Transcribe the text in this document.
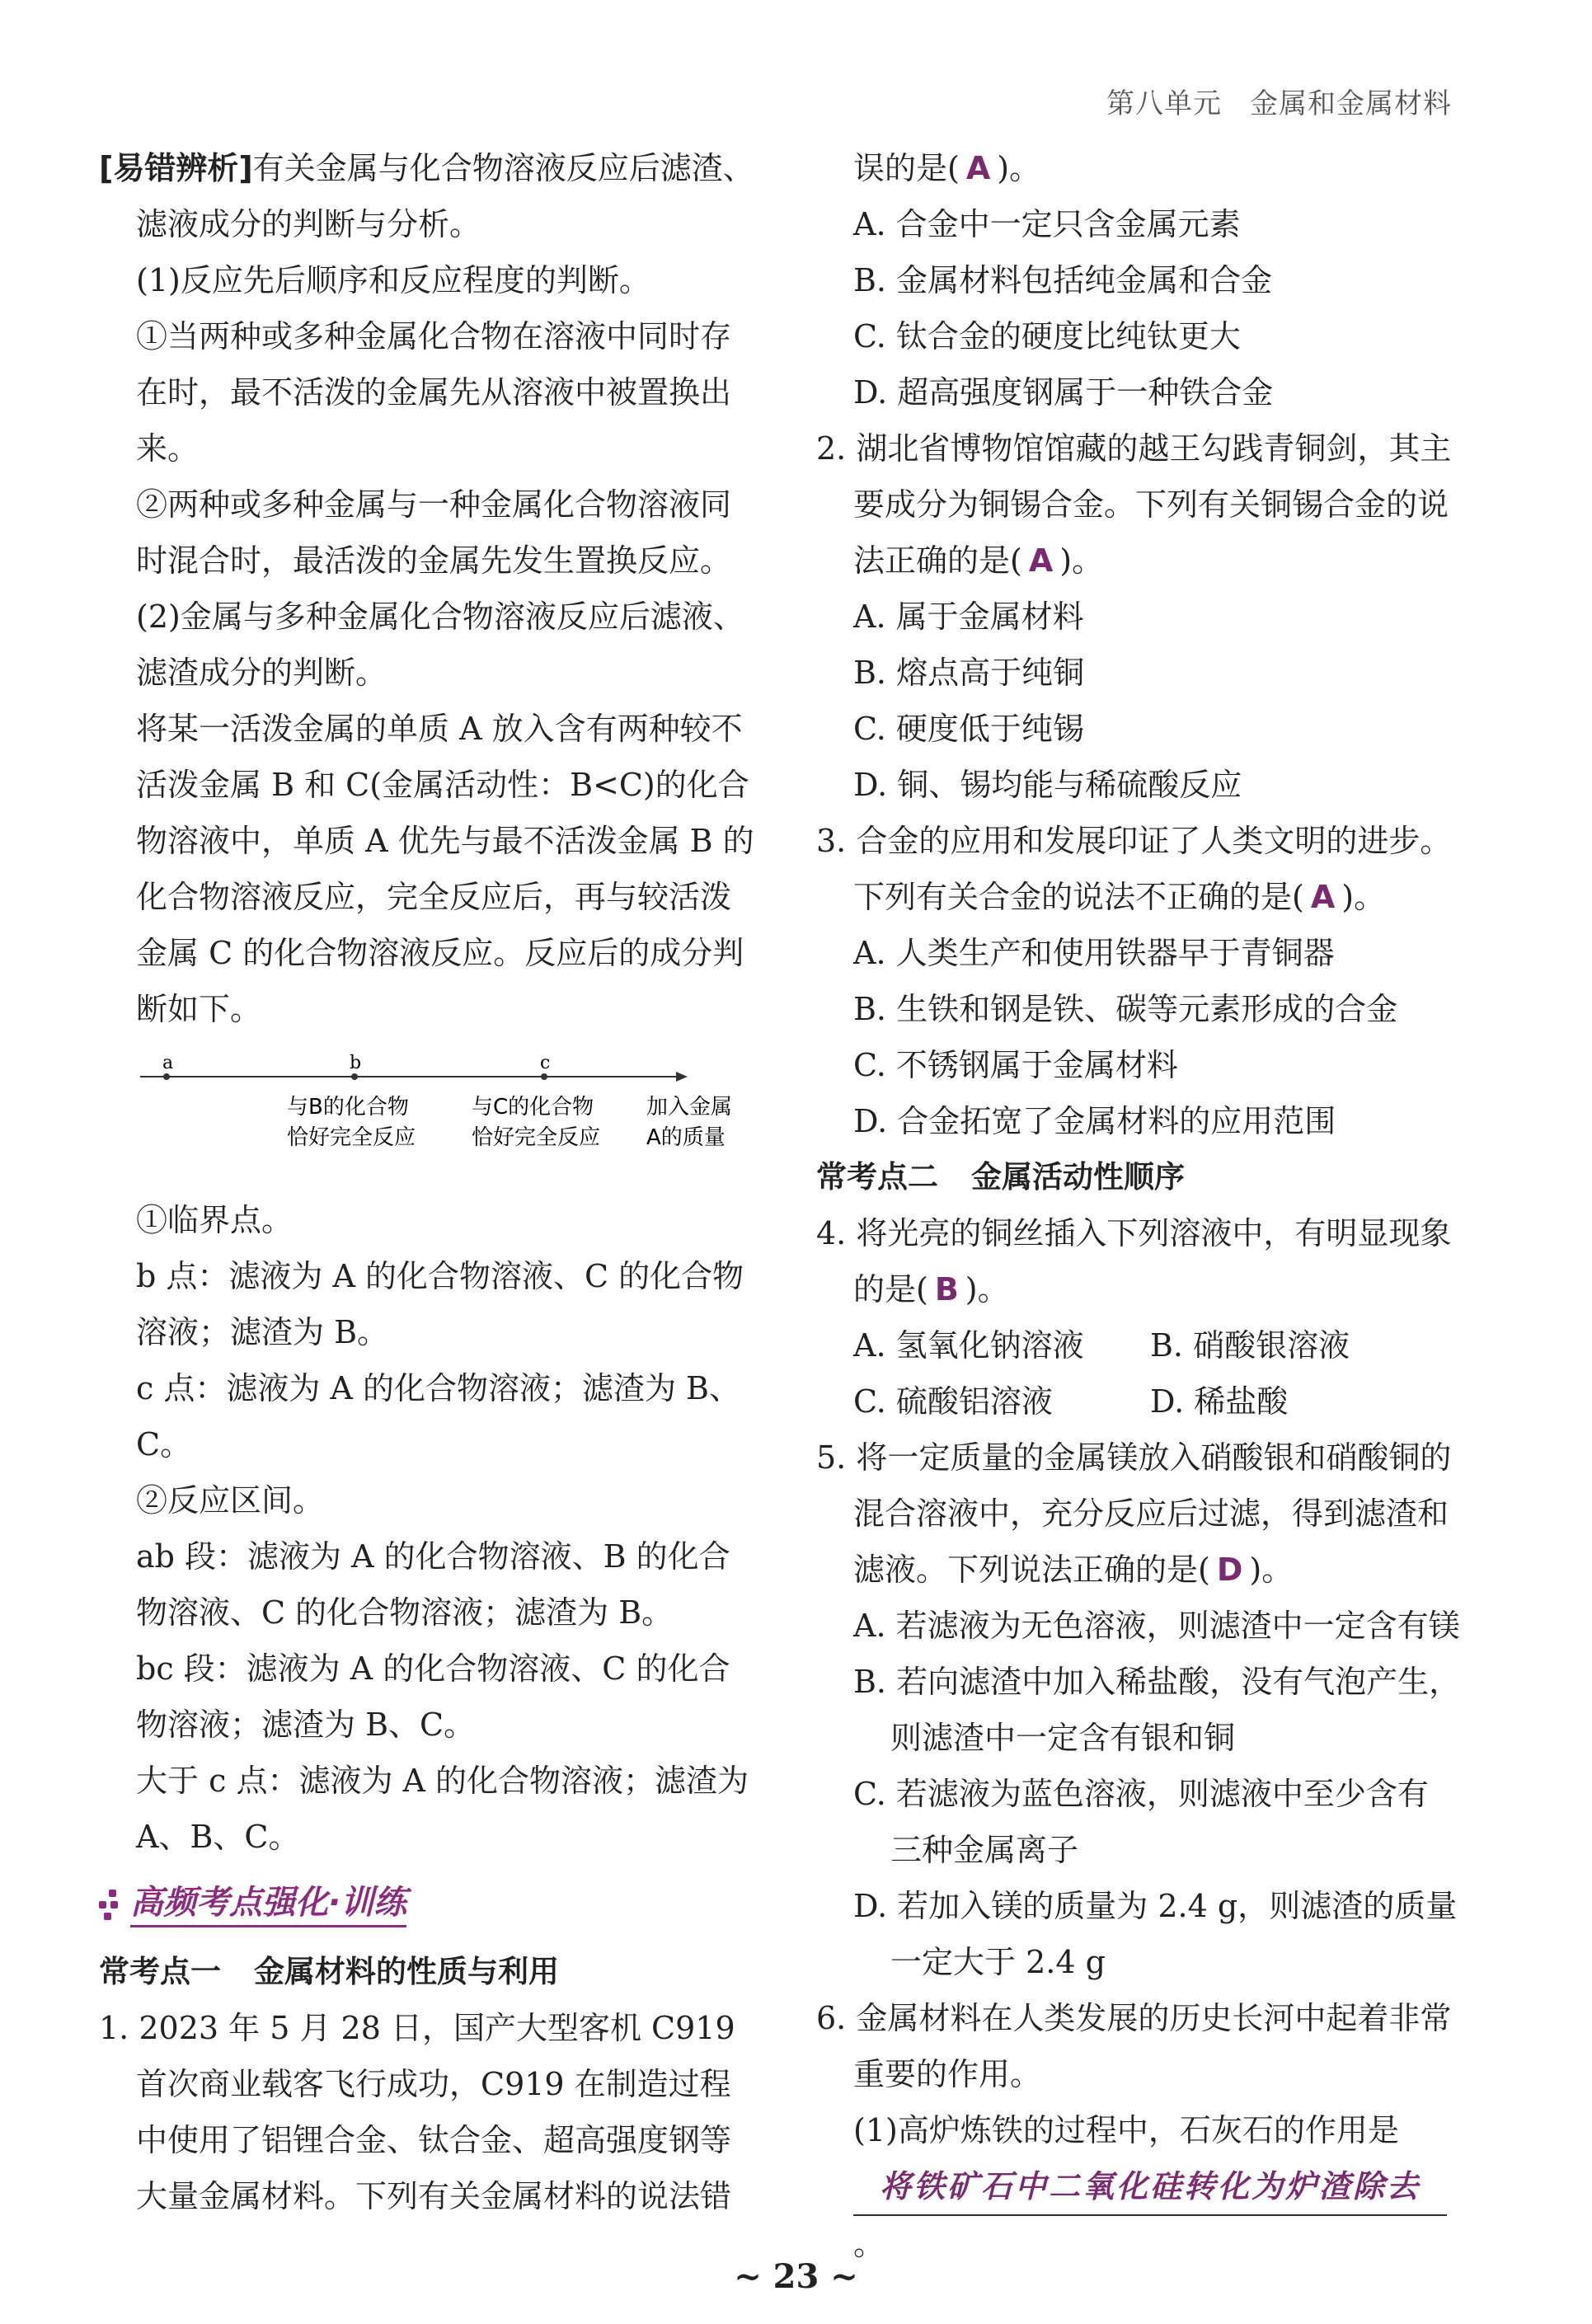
第八单元 金属和金属材料

[易错辨析]有关金属与化合物溶液反应后滤渣、滤液成分的判断与分析。

(1)反应先后顺序和反应程度的判断。

①当两种或多种金属化合物在溶液中同时存在时，最不活泼的金属先从溶液中被置换出来。

②两种或多种金属与一种金属化合物溶液同时混合时，最活泼的金属先发生置换反应。

(2)金属与多种金属化合物溶液反应后滤液、滤渣成分的判断。

将某一活泼金属的单质 A 放入含有两种较不活泼金属 B 和 C(金属活动性：B<C)的化合物溶液中，单质 A 优先与最不活泼金属 B 的化合物溶液反应，完全反应后，再与较活泼金属 C 的化合物溶液反应。反应后的成分判断如下。

a	b	c
与B的化合物
恰好完全反应
与C的化合物
恰好完全反应
加入金属
A的质量

①临界点。

b 点：滤液为 A 的化合物溶液、C 的化合物溶液；滤渣为 B。

c 点：滤液为 A 的化合物溶液；滤渣为 B、C。

②反应区间。

ab 段：滤液为 A 的化合物溶液、B 的化合物溶液、C 的化合物溶液；滤渣为 B。

bc 段：滤液为 A 的化合物溶液、C 的化合物溶液；滤渣为 B、C。

大于 c 点：滤液为 A 的化合物溶液；滤渣为 A、B、C。

高频考点强化·训练

常考点一 金属材料的性质与利用

1. 2023 年 5 月 28 日，国产大型客机 C919 首次商业载客飞行成功，C919 在制造过程中使用了铝锂合金、钛合金、超高强度钢等大量金属材料。下列有关金属材料的说法错

误的是( A )。

A. 合金中一定只含金属元素

B. 金属材料包括纯金属和合金

C. 钛合金的硬度比纯钛更大

D. 超高强度钢属于一种铁合金

2. 湖北省博物馆馆藏的越王勾践青铜剑，其主要成分为铜锡合金。下列有关铜锡合金的说法正确的是( A )。

A. 属于金属材料

B. 熔点高于纯铜

C. 硬度低于纯锡

D. 铜、锡均能与稀硫酸反应

3. 合金的应用和发展印证了人类文明的进步。下列有关合金的说法不正确的是( A )。

A. 人类生产和使用铁器早于青铜器

B. 生铁和钢是铁、碳等元素形成的合金

C. 不锈钢属于金属材料

D. 合金拓宽了金属材料的应用范围

常考点二 金属活动性顺序

4. 将光亮的铜丝插入下列溶液中，有明显现象的是( B )。

A. 氢氧化钠溶液 B. 硝酸银溶液

C. 硫酸铝溶液	D. 稀盐酸

5. 将一定质量的金属镁放入硝酸银和硝酸铜的混合溶液中，充分反应后过滤，得到滤渣和滤液。下列说法正确的是( D )。

A. 若滤液为无色溶液，则滤渣中一定含有镁

B. 若向滤渣中加入稀盐酸，没有气泡产生，

则滤渣中一定含有银和铜

C. 若滤液为蓝色溶液，则滤液中至少含有

三种金属离子

D. 若加入镁的质量为 2.4 g，则滤渣的质量

一定大于 2.4 g

6. 金属材料在人类发展的历史长河中起着非常重要的作用。

(1)高炉炼铁的过程中，石灰石的作用是

将铁矿石中二氧化硅转化为炉渣除去。

~ 23 ~
